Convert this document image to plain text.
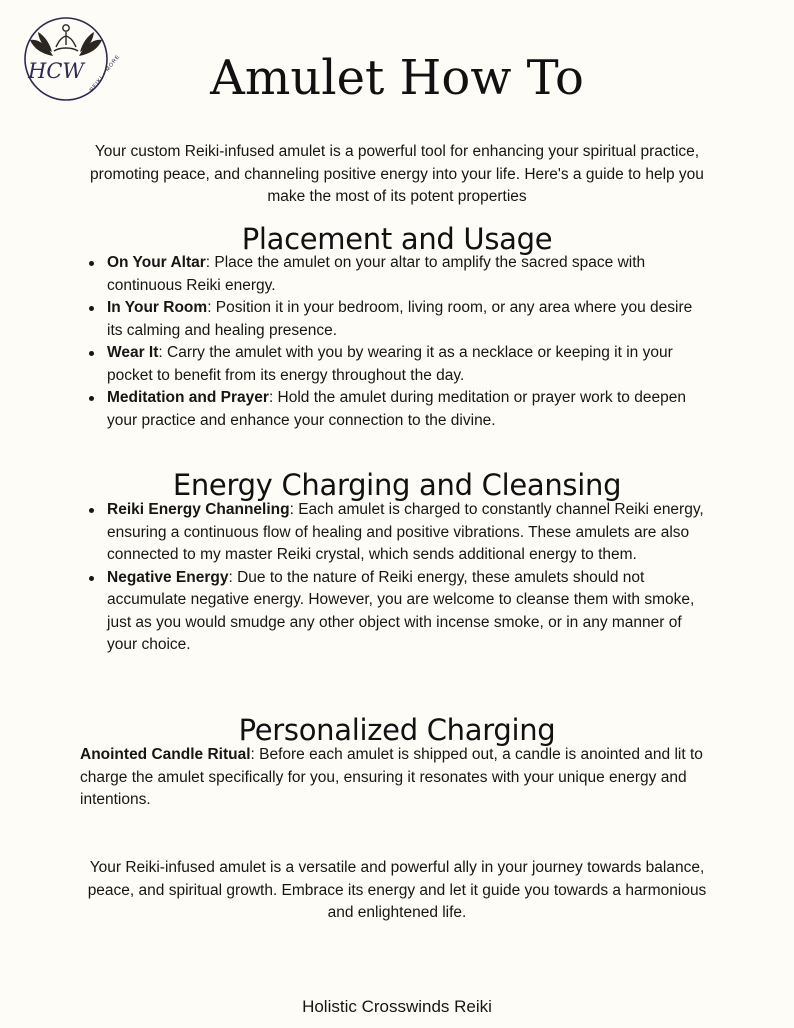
HCW REIKI • MORE	Amulet How To

Your custom Reiki-infused amulet is a powerful tool for enhancing your spiritual practice, promoting peace, and channeling positive energy into your life. Here's a guide to help you make the most of its potent properties

Placement and Usage
On Your Altar: Place the amulet on your altar to amplify the sacred space with continuous Reiki energy.
In Your Room: Position it in your bedroom, living room, or any area where you desire its calming and healing presence.
Wear It: Carry the amulet with you by wearing it as a necklace or keeping it in your pocket to benefit from its energy throughout the day.
Meditation and Prayer: Hold the amulet during meditation or prayer work to deepen your practice and enhance your connection to the divine.
Energy Charging and Cleansing
Reiki Energy Channeling: Each amulet is charged to constantly channel Reiki energy, ensuring a continuous flow of healing and positive vibrations. These amulets are also connected to my master Reiki crystal, which sends additional energy to them.
Negative Energy: Due to the nature of Reiki energy, these amulets should not accumulate negative energy. However, you are welcome to cleanse them with smoke, just as you would smudge any other object with incense smoke, or in any manner of your choice.
Personalized Charging

Anointed Candle Ritual: Before each amulet is shipped out, a candle is anointed and lit to charge the amulet specifically for you, ensuring it resonates with your unique energy and intentions.

Your Reiki-infused amulet is a versatile and powerful ally in your journey towards balance, peace, and spiritual growth. Embrace its energy and let it guide you towards a harmonious and enlightened life.

Holistic Crosswinds Reiki
